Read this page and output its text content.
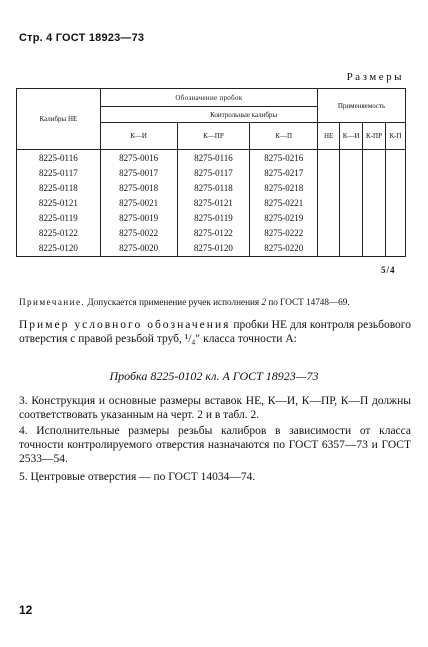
Стр. 4 ГОСТ 18923—73
Размеры
Калибры НЕ	Обозначение пробок			Применяемость			
	Контрольные калибры						
	К—И	К—ПР	К—П	НЕ	К—И	К-ПР	К-П
8225-0116	8275-0016	8275-0116	8275-0216				
8225-0117	8275-0017	8275-0117	8275-0217				
8225-0118	8275-0018	8275-0118	8275-0218				
8225-0121	8275-0021	8275-0121	8275-0221				
8225-0119	8275-0019	8275-0119	8275-0219				
8225-0122	8275-0022	8275-0122	8275-0222				
8225-0120	8275-0020	8275-0120	8275-0220				
5/4
Примечание. Допускается применение ручек исполнения 2 по ГОСТ 14748—69.
Пример условного обозначения пробки НЕ для контроля резьбового отверстия с правой резьбой труб, ¹/₄″ класса точности А:
Пробка 8225-0102 кл. А ГОСТ 18923—73
3. Конструкция и основные размеры вставок НЕ, К—И, К—ПР, К—П должны соответствовать указанным на черт. 2 и в табл. 2.
4. Исполнительные размеры резьбы калибров в зависимости от класса точности контролируемого отверстия назначаются по ГОСТ 6357—73 и ГОСТ 2533—54.
5. Центровые отверстия — по ГОСТ 14034—74.
12
